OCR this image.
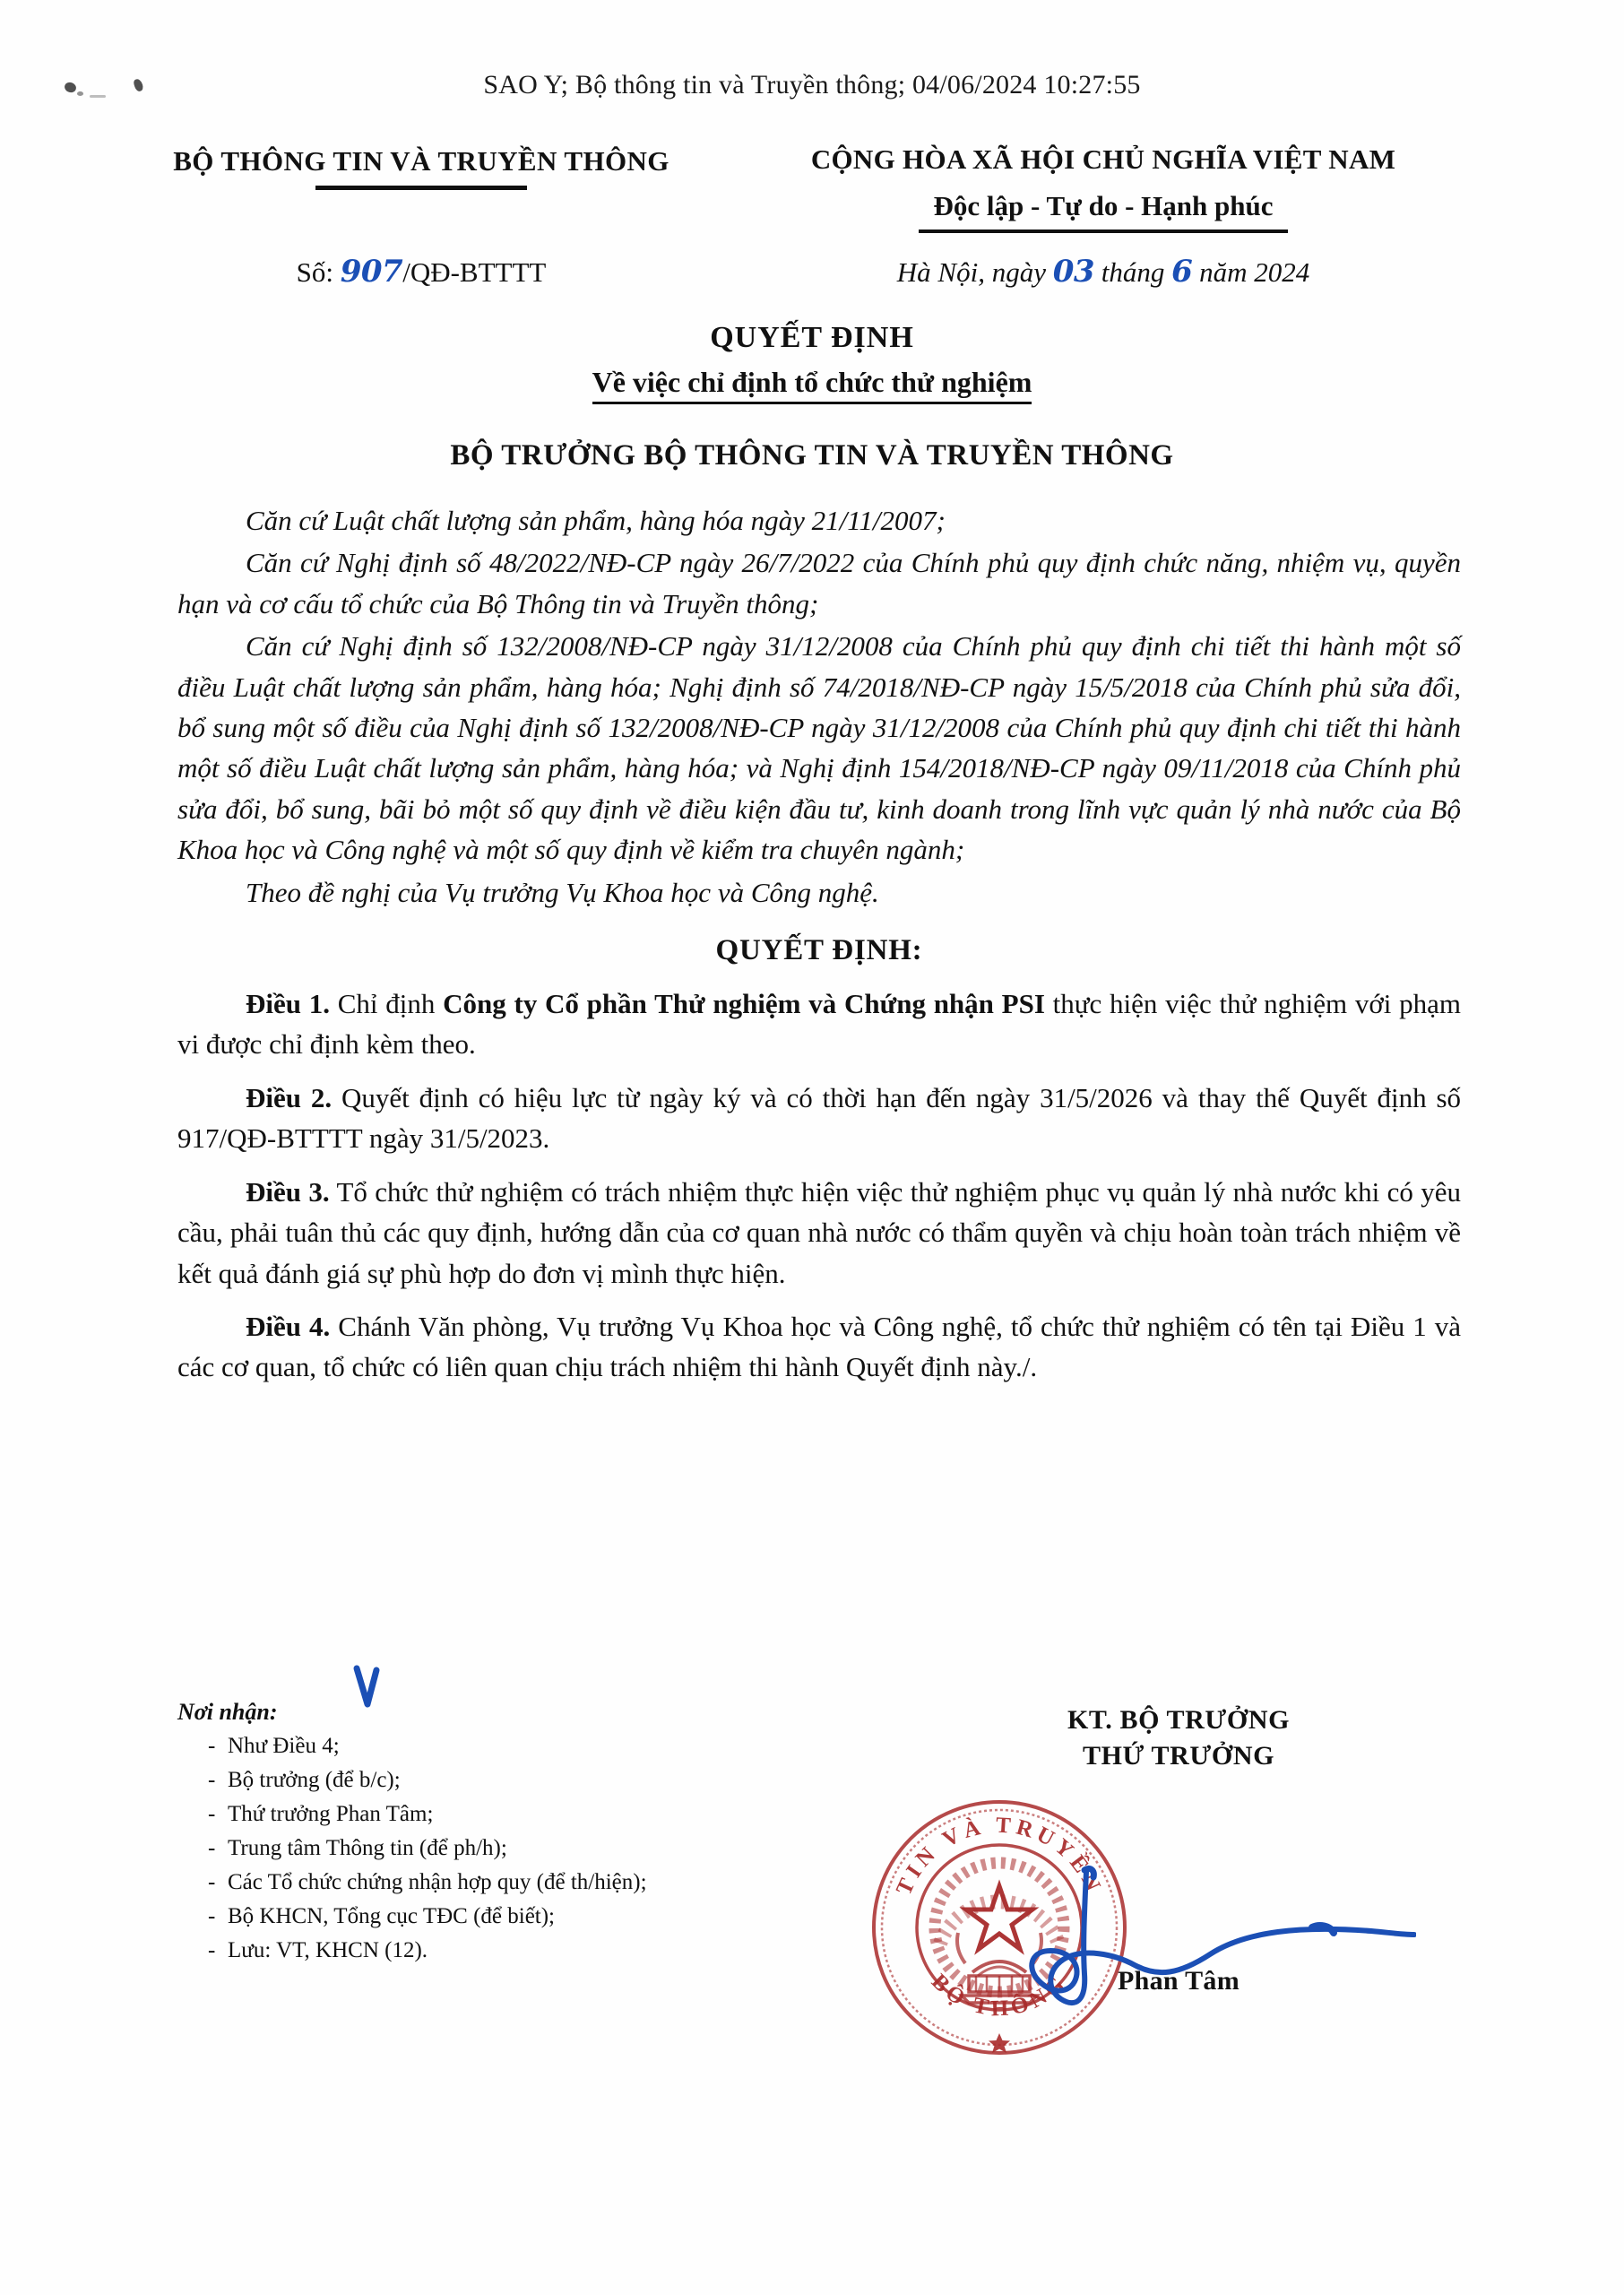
SAO Y; Bộ thông tin và Truyền thông; 04/06/2024 10:27:55
BỘ THÔNG TIN VÀ TRUYỀN THÔNG	CỘNG HÒA XÃ HỘI CHỦ NGHĨA VIỆT NAM
Độc lập - Tự do - Hạnh phúc
Số: 907/QĐ-BTTTT	Hà Nội, ngày 03 tháng 6 năm 2024
QUYẾT ĐỊNH
Về việc chỉ định tổ chức thử nghiệm
BỘ TRƯỞNG BỘ THÔNG TIN VÀ TRUYỀN THÔNG

Căn cứ Luật chất lượng sản phẩm, hàng hóa ngày 21/11/2007;

Căn cứ Nghị định số 48/2022/NĐ-CP ngày 26/7/2022 của Chính phủ quy định chức năng, nhiệm vụ, quyền hạn và cơ cấu tổ chức của Bộ Thông tin và Truyền thông;

Căn cứ Nghị định số 132/2008/NĐ-CP ngày 31/12/2008 của Chính phủ quy định chi tiết thi hành một số điều Luật chất lượng sản phẩm, hàng hóa; Nghị định số 74/2018/NĐ-CP ngày 15/5/2018 của Chính phủ sửa đổi, bổ sung một số điều của Nghị định số 132/2008/NĐ-CP ngày 31/12/2008 của Chính phủ quy định chi tiết thi hành một số điều Luật chất lượng sản phẩm, hàng hóa; và Nghị định 154/2018/NĐ-CP ngày 09/11/2018 của Chính phủ sửa đổi, bổ sung, bãi bỏ một số quy định về điều kiện đầu tư, kinh doanh trong lĩnh vực quản lý nhà nước của Bộ Khoa học và Công nghệ và một số quy định về kiểm tra chuyên ngành;

Theo đề nghị của Vụ trưởng Vụ Khoa học và Công nghệ.

QUYẾT ĐỊNH:

Điều 1. Chỉ định Công ty Cổ phần Thử nghiệm và Chứng nhận PSI thực hiện việc thử nghiệm với phạm vi được chỉ định kèm theo.

Điều 2. Quyết định có hiệu lực từ ngày ký và có thời hạn đến ngày 31/5/2026 và thay thế Quyết định số 917/QĐ-BTTTT ngày 31/5/2023.

Điều 3. Tổ chức thử nghiệm có trách nhiệm thực hiện việc thử nghiệm phục vụ quản lý nhà nước khi có yêu cầu, phải tuân thủ các quy định, hướng dẫn của cơ quan nhà nước có thẩm quyền và chịu hoàn toàn trách nhiệm về kết quả đánh giá sự phù hợp do đơn vị mình thực hiện.

Điều 4. Chánh Văn phòng, Vụ trưởng Vụ Khoa học và Công nghệ, tổ chức thử nghiệm có tên tại Điều 1 và các cơ quan, tổ chức có liên quan chịu trách nhiệm thi hành Quyết định này./.

Nơi nhận:
- Như Điều 4;
- Bộ trưởng (để b/c);
- Thứ trưởng Phan Tâm;
- Trung tâm Thông tin (để ph/h);
- Các Tổ chức chứng nhận hợp quy (để th/hiện);
- Bộ KHCN, Tổng cục TĐC (để biết);
- Lưu: VT, KHCN (12).
KT. BỘ TRƯỞNG
THỨ TRƯỞNG
Phan Tâm
TIN VÀ TRUYỀN
BỘ THÔNG
